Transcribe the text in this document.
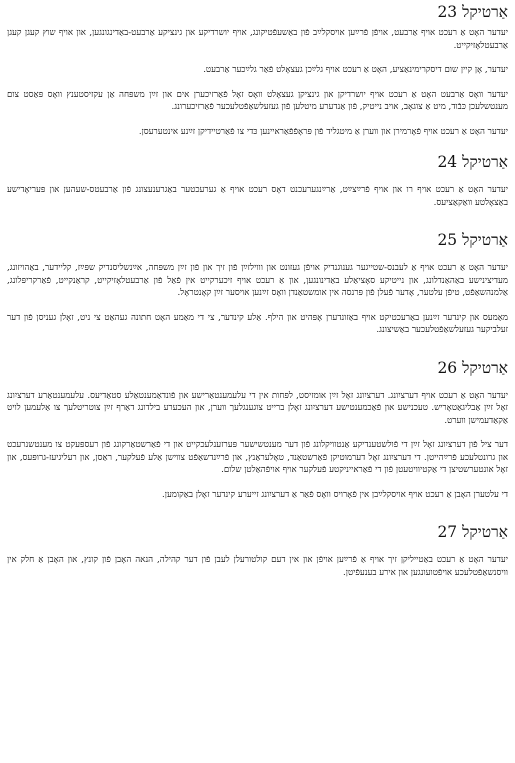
אַרטיקל 23

יעדער האָט אַ רעכט אויף אַרבעט, אויפֿן פֿרײַען אויסקלײַב פֿון באַשעפֿטיקונג, אויף יושרדיקע און גינציקע אַרבעט-באַדינגונגען, און אויף שוץ קעגן קעגן אַרבעטלאָזיקייט.

יעדער, אָן קיין שום דיסקרימינאַציע, האָט אַ רעכט אויף גלײַכן געצאָלט פֿאַר גלײַכער אַרבעט.

יעדער וואָס אַרבעט האָט אַ רעכט אויף יושרדיקן און גינציקן געצאָלט וואָס זאָל פֿאַרזיכערן אים און זײַן משפּחה אַן עקזיסטענץ וואָס פּאַסט צום מענטשלעכן כּבֿוד, מיט אַ צוגאָב, אויב נייטיק, פֿון אַנדערע מיטלען פֿון געזעלשאַפֿטלעכער פֿאַרזיכערונג.

יעדער האָט אַ רעכט אויף פֿאָרמירן און ווערן אַ מיטגליד פֿון פּראָפֿפֿאַראיינען כּדי צו פֿאַרטיידיקן זײַנע אינטערעסן.

אַרטיקל 24

יעדער האָט אַ רעכט אויף רו און אויף פֿרײַצײַט, אַרײַנגערעכנט דאָס רעכט אויף אַ גערעכטער באַגרענעצונג פֿון אַרבעטס-שעהען און פּעריאָדישע באַצאָלטע וואַקאַציעס.

אַרטיקל 25

יעדער האָט אַ רעכט אויף אַ לעבנס-שטייגער גענוגנדיק אויפֿן געזונט און וווילזײַן פֿון זיך און פֿון זײַן משפּחה, אײַנשליסנדיק שפּײַז, קליידער, באַהויזונג, מעדיצינישע באַהאַנדלונג, און נייטיקע סאָציאַלע באַדינונגען, און אַ רעכט אויף זיכערקייט אין פֿאַל פֿון אַרבעטלאָזיקייט, קראַנקייט, פֿאַרקריפּלונג, אַלמנהשאַפֿט, טיפֿן עלטער, אָדער פֿעלן פֿון פּרנסה אין אומשטאַנדן וואָס זײַנען אויסער זײַן קאָנטראָל.

מאַמעס און קינדער זײַנען באַרעכטיקט אויף באַזונדערן אָפּהיט און הילף. אַלע קינדער, צי די מאַמע האָט חתונה געהאַט צי ניט, זאָלן געניסן פֿון דער זעלביקער געזעלשאַפֿטלעכער באַשיצונג.

אַרטיקל 26

יעדער האָט אַ רעכט אויף דערציִונג. דערציִונג זאָל זײַן אומזיסט, לפּחות אין די עלעמענטאַרישע און פֿונדאַמענטאַלע סטאַדיעס. עלעמענטאַרע דערציִונג זאָל זײַן אַבליגאַטאָריש. טעכנישע און פֿאַכמענטישע דערציִונג זאָלן ברייט צוגענגלעך ווערן, און העכערע בילדונג דאַרף זײַן צוטריטלעך צו אַלעמען לויט אַקאַדעמישן ווערט.

דער ציל פֿון דערציִונג זאָל זײַן די פֿולשטענדיקע אַנטוויקלונג פֿון דער מענטשישער פּערזענלעכקייט און די פֿאַרשטאַרקונג פֿון רעספּעקט צו מענטשנרעכט און גרונטלעכע פֿרײַהייטן. די דערציִונג זאָל דערמוטיקן פֿאַרשטאַנד, טאָלעראַנץ, און פֿרײַנדשאַפֿט צווישן אַלע פֿעלקער, ראַסן, און רעליגיעז-גרופּעס, און זאָל אונטערשטיצן די אַקטיוויטעטן פֿון די פֿאַראייניקטע פֿעלקער אויף אויפֿהאַלטן שלום.

די עלטערן האָבן אַ רעכט אויף אויסקלײַבן אין פֿאָרויס וואָס פֿאַר אַ דערציִונג זייערע קינדער זאָלן באַקומען.

אַרטיקל 27

יעדער האָט אַ רעכט באַטייליקן זיך אויף אַ פֿרײַען אויפֿן און אין דעם קולטורעלן לעבן פֿון דער קהילה, הנאה האָבן פֿון קונץ, און האָבן אַ חלק אין וויסנשאַפֿטלעכע אויפֿטועונגען און אירע בענעפֿיטן.
